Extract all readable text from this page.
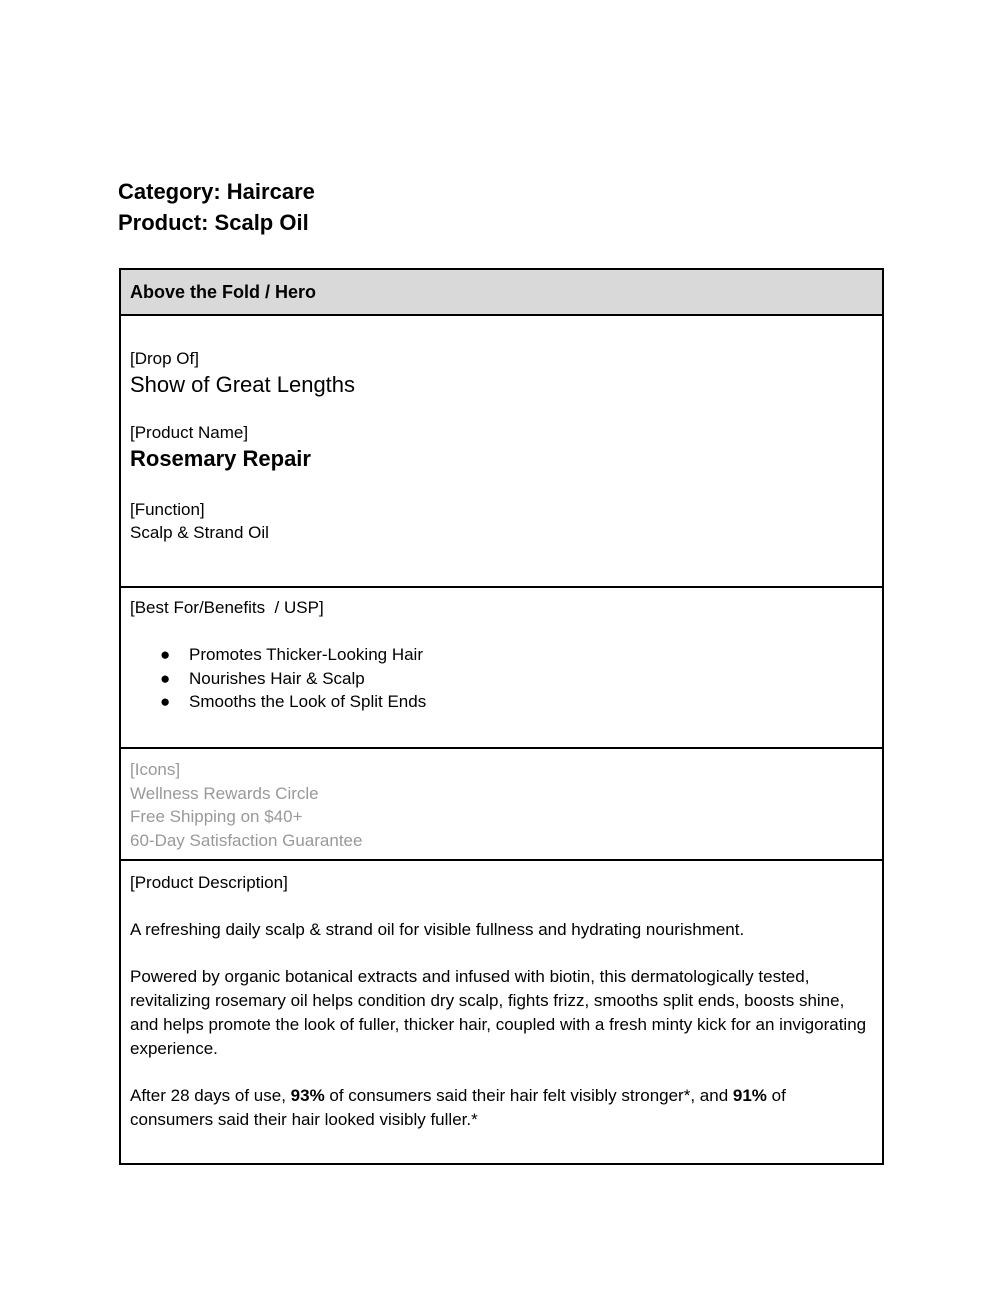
Category: Haircare
Product: Scalp Oil
Above the Fold / Hero
[Drop Of]
Show of Great Lengths
[Product Name]
Rosemary Repair
[Function]
Scalp & Strand Oil
[Best For/Benefits  / USP]
● Promotes Thicker-Looking Hair
● Nourishes Hair & Scalp
● Smooths the Look of Split Ends
[Icons]
Wellness Rewards Circle
Free Shipping on $40+
60-Day Satisfaction Guarantee

[Product Description]

A refreshing daily scalp & strand oil for visible fullness and hydrating nourishment.

Powered by organic botanical extracts and infused with biotin, this dermatologically tested, revitalizing rosemary oil helps condition dry scalp, fights frizz, smooths split ends, boosts shine, and helps promote the look of fuller, thicker hair, coupled with a fresh minty kick for an invigorating experience.

After 28 days of use, 93% of consumers said their hair felt visibly stronger*, and 91% of consumers said their hair looked visibly fuller.*
